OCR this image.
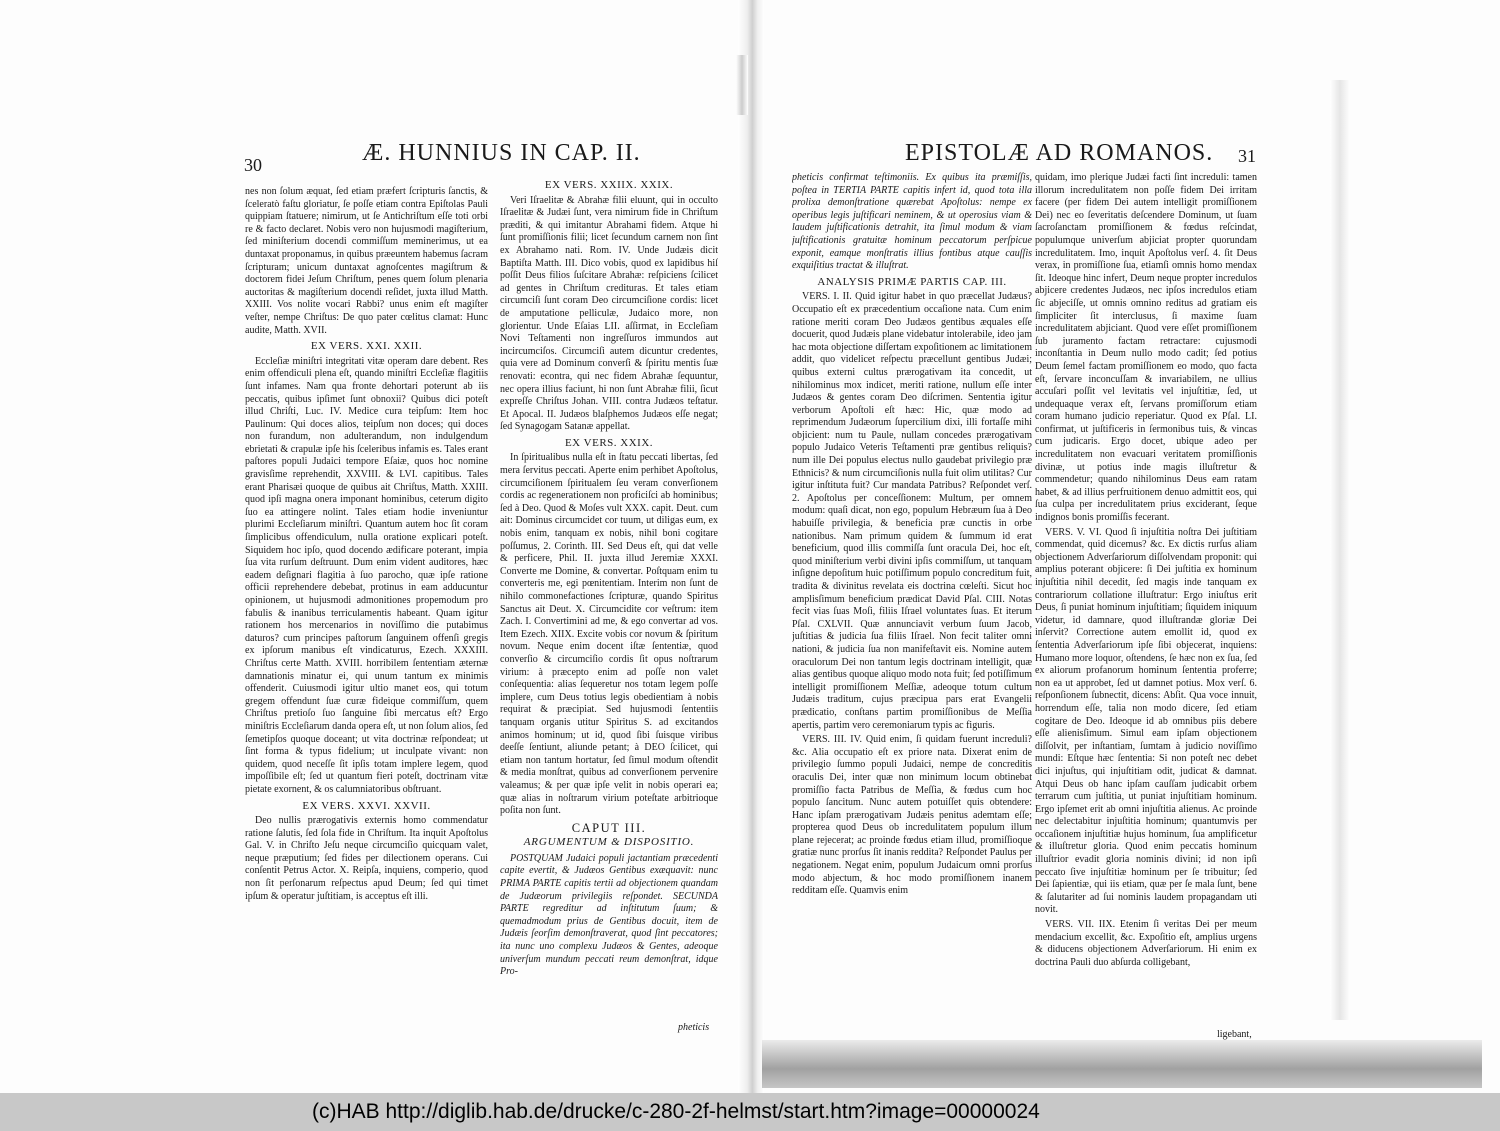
30	Æ. HUNNIUS IN CAP. II.

nes non ſolum æquat, ſed etiam præfert ſcripturis ſanctis, & ſceleratò faſtu gloriatur, ſe poſſe etiam contra Epiſtolas Pauli quippiam ſtatuere; nimirum, ut ſe Antichriſtum eſſe toti orbi re & facto declaret. Nobis vero non hujusmodi magiſterium, ſed miniſterium docendi commiſſum meminerimus, ut ea duntaxat proponamus, in quibus præeuntem habemus ſacram ſcripturam; unicum duntaxat agnoſcentes magiſtrum & doctorem fidei Jeſum Chriſtum, penes quem ſolum plenaria auctoritas & magiſterium docendi reſidet, juxta illud Matth. XXIII. Vos nolite vocari Rabbi? unus enim eſt magiſter veſter, nempe Chriſtus: De quo pater cœlitus clamat: Hunc audite, Matth. XVII.

EX VERS. XXI. XXII.

Eccleſiæ miniſtri integritati vitæ operam dare debent. Res enim offendiculi plena eſt, quando miniſtri Eccleſiæ flagitiis ſunt infames. Nam qua fronte dehortari poterunt ab iis peccatis, quibus ipſimet ſunt obnoxii? Quibus dici poteſt illud Chriſti, Luc. IV. Medice cura teipſum: Item hoc Paulinum: Qui doces alios, teipſum non doces; qui doces non furandum, non adulterandum, non indulgendum ebrietati & crapulæ ipſe his ſceleribus infamis es. Tales erant paſtores populi Judaici tempore Eſaiæ, quos hoc nomine gravisſime reprehendit, XXVIII. & LVI. capitibus. Tales erant Pharisæi quoque de quibus ait Chriſtus, Matth. XXIII. quod ipſi magna onera imponant hominibus, ceterum digito ſuo ea attingere nolint. Tales etiam hodie inveniuntur plurimi Eccleſiarum miniſtri. Quantum autem hoc ſit coram ſimplicibus offendiculum, nulla oratione explicari poteſt. Siquidem hoc ipſo, quod docendo ædificare poterant, impia ſua vita rurſum deſtruunt. Dum enim vident auditores, hæc eadem deſignari flagitia à ſuo parocho, quæ ipſe ratione officii reprehendere debebat, protinus in eam adducuntur opinionem, ut hujusmodi admonitiones propemodum pro fabulis & inanibus terriculamentis habeant. Quam igitur rationem hos mercenarios in noviſſimo die putabimus daturos? cum principes paſtorum ſanguinem offenſi gregis ex ipſorum manibus eſt vindicaturus, Ezech. XXXIII. Chriſtus certe Matth. XVIII. horribilem ſententiam æternæ damnationis minatur ei, qui unum tantum ex minimis offenderit. Cuiusmodi igitur ultio manet eos, qui totum gregem offendunt ſuæ curæ fideique commiſſum, quem Chriſtus pretioſo ſuo ſanguine ſibi mercatus eſt? Ergo miniſtris Eccleſiarum danda opera eſt, ut non ſolum alios, ſed ſemetipſos quoque doceant; ut vita doctrinæ reſpondeat; ut ſint forma & typus fidelium; ut inculpate vivant: non quidem, quod neceſſe ſit ipſis totam implere legem, quod impoſſibile eſt; ſed ut quantum fieri poteſt, doctrinam vitæ pietate exornent, & os calumniatoribus obſtruant.

EX VERS. XXVI. XXVII.

Deo nullis prærogativis externis homo commendatur ratione ſalutis, ſed ſola fide in Chriſtum. Ita inquit Apoſtolus Gal. V. in Chriſto Jeſu neque circumciſio quicquam valet, neque præputium; ſed fides per dilectionem operans. Cui conſentit Petrus Actor. X. Reipſa, inquiens, comperio, quod non ſit perſonarum reſpectus apud Deum; ſed qui timet ipſum & operatur juſtitiam, is acceptus eſt illi.

EX VERS. XXIIX. XXIX.

Veri Iſraelitæ & Abrahæ filii eluunt, qui in occulto Iſraelitæ & Judæi ſunt, vera nimirum fide in Chriſtum præditi, & qui imitantur Abrahami fidem. Atque hi ſunt promiſſionis filii; licet ſecundum carnem non ſint ex Abrahamo nati. Rom. IV. Unde Judæis dicit Baptiſta Matth. III. Dico vobis, quod ex lapidibus hiſ poſſit Deus filios ſuſcitare Abrahæ: reſpiciens ſcilicet ad gentes in Chriſtum credituras. Et tales etiam circumciſi ſunt coram Deo circumciſione cordis: licet de amputatione pelliculæ, Judaico more, non glorientur. Unde Eſaias LII. aſſirmat, in Eccleſiam Novi Teſtamenti non ingreſſuros immundos aut incircumciſos. Circumciſi autem dicuntur credentes, quia vere ad Dominum converſi & ſpiritu mentis ſuæ renovati: econtra, qui nec fidem Abrahæ ſequuntur, nec opera illius faciunt, hi non ſunt Abrahæ filii, ſicut expreſſe Chriſtus Johan. VIII. contra Judæos teſtatur. Et Apocal. II. Judæos blaſphemos Judæos eſſe negat; ſed Synagogam Satanæ appellat.

EX VERS. XXIX.

In ſpiritualibus nulla eſt in ſtatu peccati libertas, ſed mera ſervitus peccati. Aperte enim perhibet Apoſtolus, circumciſionem ſpiritualem ſeu veram converſionem cordis ac regenerationem non proficiſci ab hominibus; ſed à Deo. Quod & Moſes vult XXX. capit. Deut. cum ait: Dominus circumcidet cor tuum, ut diligas eum, ex nobis enim, tanquam ex nobis, nihil boni cogitare poſſumus, 2. Corinth. III. Sed Deus eſt, qui dat velle & perficere, Phil. II. juxta illud Jeremiæ XXXI. Converte me Domine, & convertar. Poſtquam enim tu converteris me, egi pœnitentiam. Interim non ſunt de nihilo commonefactiones ſcripturæ, quando Spiritus Sanctus ait Deut. X. Circumcidite cor veſtrum: item Zach. I. Convertimini ad me, & ego convertar ad vos. Item Ezech. XIIX. Excite vobis cor novum & ſpiritum novum. Neque enim docent iſtæ ſententiæ, quod converſio & circumciſio cordis ſit opus noſtrarum virium: à præcepto enim ad poſſe non valet conſequentia: alias ſequeretur nos totam legem poſſe implere, cum Deus totius legis obedientiam à nobis requirat & præcipiat. Sed hujusmodi ſententiis tanquam organis utitur Spiritus S. ad excitandos animos hominum; ut id, quod ſibi ſuisque viribus deeſſe ſentiunt, aliunde petant; à DEO ſcilicet, qui etiam non tantum hortatur, ſed ſimul modum oſtendit & media monſtrat, quibus ad converſionem pervenire valeamus; & per quæ ipſe velit in nobis operari ea; quæ alias in noſtrarum virium poteſtate arbitrioque poſita non ſunt.

CAPUT III.

ARGUMENTUM & DISPOSITIO.

POSTQUAM Judaici populi jactantiam præcedenti capite evertit, & Judæos Gentibus exæquavit: nunc PRIMA PARTE capitis tertii ad objectionem quandam de Judæorum privilegiis reſpondet. SECUNDA PARTE regreditur ad inſtitutum ſuum; & quemadmodum prius de Gentibus docuit, item de Judæis ſeorſim demonſtraverat, quod ſint peccatores; ita nunc uno complexu Judæos & Gentes, adeoque univerſum mundum peccati reum demonſtrat, idque Pro-

pheticis
EPISTOLÆ AD ROMANOS. 31

pheticis confirmat teſtimoniis. Ex quibus ita præmiſſis, poſtea in TERTIA PARTE capitis infert id, quod tota illa prolixa demonſtratione quærebat Apoſtolus: nempe ex operibus legis juſtificari neminem, & ut operosius viam & laudem juſtificationis detrahit, ita ſimul modum & viam juſtificationis gratuitæ hominum peccatorum perſpicue exponit, eamque monſtratis illius fontibus atque cauſſis exquiſitius tractat & illuſtrat.

ANALYSIS PRIMÆ PARTIS CAP. III.

VERS. I. II. Quid igitur habet in quo præcellat Judæus? Occupatio eſt ex præcedentium occaſione nata. Cum enim ratione meriti coram Deo Judæos gentibus æquales eſſe docuerit, quod Judæis plane videbatur intolerabile, ideo jam hac mota objectione diſſertam expoſitionem ac limitationem addit, quo videlicet reſpectu præcellunt gentibus Judæi; quibus externi cultus prærogativam ita concedit, ut nihilominus mox indicet, meriti ratione, nullum eſſe inter Judæos & gentes coram Deo diſcrimen. Sententia igitur verborum Apoſtoli eſt hæc: Hic, quæ modo ad reprimendum Judæorum ſupercilium dixi, illi fortaſſe mihi objicient: num tu Paule, nullam concedes prærogativam populo Judaico Veteris Teſtamenti præ gentibus reliquis? num ille Dei populus electus nullo gaudebat privilegio præ Ethnicis? & num circumciſionis nulla fuit olim utilitas? Cur igitur inſtituta fuit? Cur mandata Patribus? Reſpondet verſ. 2. Apoſtolus per conceſſionem: Multum, per omnem modum: quaſi dicat, non ego, populum Hebræum ſua à Deo habuiſſe privilegia, & beneficia præ cunctis in orbe nationibus. Nam primum quidem & ſummum id erat beneficium, quod illis commiſſa ſunt oracula Dei, hoc eſt, quod miniſterium verbi divini ipſis commiſſum, ut tanquam inſigne depoſitum huic potiſſimum populo concreditum fuit, tradita & divinitus revelata eis doctrina cœleſti. Sicut hoc amplisſimum beneficium prædicat David Pſal. CIII. Notas fecit vias ſuas Moſi, filiis Iſrael voluntates ſuas. Et iterum Pſal. CXLVII. Quæ annunciavit verbum ſuum Jacob, juſtitias & judicia ſua filiis Iſrael. Non fecit taliter omni nationi, & judicia ſua non manifeſtavit eis. Nomine autem oraculorum Dei non tantum legis doctrinam intelligit, quæ alias gentibus quoque aliquo modo nota fuit; ſed potiſſimum intelligit promiſſionem Meſſiæ, adeoque totum cultum Judæis traditum, cujus præcipua pars erat Evangelii prædicatio, conſtans partim promiſſionibus de Meſſia apertis, partim vero ceremoniarum typis ac figuris.

VERS. III. IV. Quid enim, ſi quidam fuerunt increduli? &c. Alia occupatio eſt ex priore nata. Dixerat enim de privilegio ſummo populi Judaici, nempe de concreditis oraculis Dei, inter quæ non minimum locum obtinebat promiſſio facta Patribus de Meſſia, & fœdus cum hoc populo ſancitum. Nunc autem potuiſſet quis obtendere: Hanc ipſam prærogativam Judæis penitus ademtam eſſe; propterea quod Deus ob incredulitatem populum illum plane rejecerat; ac proinde fœdus etiam illud, promiſſioque gratiæ nunc prorſus ſit inanis reddita? Reſpondet Paulus per negationem. Negat enim, populum Judaicum omni prorſus modo abjectum, & hoc modo promiſſionem inanem redditam eſſe. Quamvis enim

quidam, imo plerique Judæi facti ſint increduli: tamen illorum incredulitatem non poſſe fidem Dei irritam facere (per fidem Dei autem intelligit promiſſionem Dei) nec eo ſeveritatis deſcendere Dominum, ut ſuam ſacroſanctam promiſſionem & fœdus reſcindat, populumque univerſum abjiciat propter quorundam incredulitatem. Imo, inquit Apoſtolus verſ. 4. ſit Deus verax, in promiſſione ſua, etiamſi omnis homo mendax ſit. Ideoque hinc infert, Deum neque propter incredulos abjicere credentes Judæos, nec ipſos incredulos etiam ſic abjeciſſe, ut omnis omnino reditus ad gratiam eis ſimpliciter ſit interclusus, ſi maxime ſuam incredulitatem abjiciant. Quod vere eſſet promiſſionem ſub juramento factam retractare: cujusmodi inconſtantia in Deum nullo modo cadit; ſed potius Deum ſemel factam promiſſionem eo modo, quo facta eſt, ſervare inconcuſſam & invariabilem, ne ullius accuſari poſſit vel levitatis vel injuſtitiæ, ſed, ut undequaque verax eſt, ſervans promiſſorum etiam coram humano judicio reperiatur. Quod ex Pſal. LI. confirmat, ut juſtificeris in ſermonibus tuis, & vincas cum judicaris. Ergo docet, ubique adeo per incredulitatem non evacuari veritatem promiſſionis divinæ, ut potius inde magis illuſtretur & commendetur; quando nihilominus Deus eam ratam habet, & ad illius perfruitionem denuo admittit eos, qui ſua culpa per incredulitatem prius exciderant, ſeque indignos bonis promiſſis fecerant.

VERS. V. VI. Quod ſi injuſtitia noſtra Dei juſtitiam commendat, quid dicemus? &c. Ex dictis rurſus aliam objectionem Adverſariorum diſſolvendam proponit: qui amplius poterant objicere: ſi Dei juſtitia ex hominum injuſtitia nihil decedit, ſed magis inde tanquam ex contrariorum collatione illuſtratur: Ergo iniuſtus erit Deus, ſi puniat hominum injuſtitiam; ſiquidem iniquum videtur, id damnare, quod illuſtrandæ gloriæ Dei inſervit? Correctione autem emollit id, quod ex ſententia Adverſariorum ipſe ſibi objecerat, inquiens: Humano more loquor, oſtendens, ſe hæc non ex ſua, ſed ex aliorum profanorum hominum ſententia proferre; non ea ut approbet, ſed ut damnet potius. Mox verſ. 6. reſponſionem ſubnectit, dicens: Abſit. Qua voce innuit, horrendum eſſe, talia non modo dicere, ſed etiam cogitare de Deo. Ideoque id ab omnibus piis debere eſſe alienisſimum. Simul eam ipſam objectionem diſſolvit, per inſtantiam, ſumtam à judicio noviſſimo mundi: Eſtque hæc ſententia: Si non poteſt nec debet dici injuſtus, qui injuſtitiam odit, judicat & damnat. Atqui Deus ob hanc ipſam cauſſam judicabit orbem terrarum cum juſtitia, ut puniat injuſtitiam hominum. Ergo ipſemet erit ab omni injuſtitia alienus. Ac proinde nec delectabitur injuſtitia hominum; quantumvis per occaſionem injuſtitiæ hujus hominum, ſua amplificetur & illuſtretur gloria. Quod enim peccatis hominum illuſtrior evadit gloria nominis divini; id non ipſi peccato ſive injuſtitiæ hominum per ſe tribuitur; ſed Dei ſapientiæ, qui iis etiam, quæ per ſe mala ſunt, bene & ſalutariter ad ſui nominis laudem propagandam uti novit.

VERS. VII. IIX. Etenim ſi veritas Dei per meum mendacium excellit, &c. Expoſitio eſt, amplius urgens & diducens objectionem Adverſariorum. Hi enim ex doctrina Pauli duo abſurda colligebant,

ligebant,
(c)HAB http://diglib.hab.de/drucke/c-280-2f-helmst/start.htm?image=00000024
